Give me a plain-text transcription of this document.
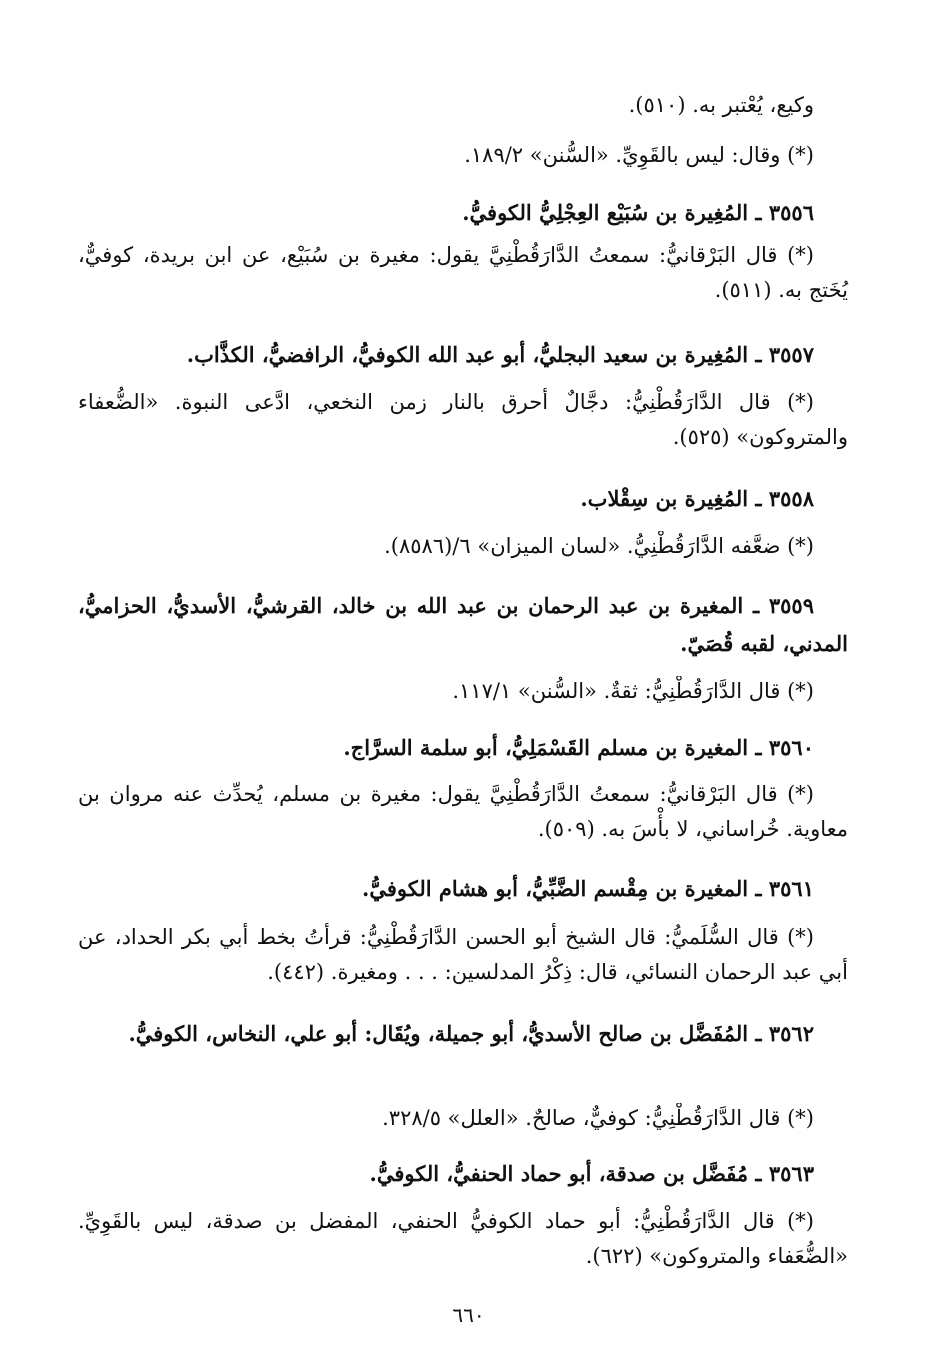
وكيع، يُعْتبر به. (٥١٠).
(*) وقال: ليس بالقَوِيِّ. «السُّنن» ١٨٩/٢.
٣٥٥٦ ـ المُغِيرة بن سُبَيْع العِجْلِيُّ الكوفيُّ.
(*) قال البَرْقانيُّ: سمعتُ الدَّارَقُطْنِيَّ يقول: مغيرة بن سُبَيْع، عن ابن بريدة، كوفيٌّ، يُخَتج به. (٥١١).
٣٥٥٧ ـ المُغِيرة بن سعيد البجليُّ، أبو عبد الله الكوفيُّ، الرافضيُّ، الكذَّاب.
(*) قال الدَّارَقُطْنِيُّ: دجَّالٌ أحرق بالنار زمن النخعي، ادَّعى النبوة. «الضُّعفاء والمتروكون» (٥٢٥).
٣٥٥٨ ـ المُغِيرة بن سِقْلاب.
(*) ضعَّفه الدَّارَقُطْنِيُّ. «لسان الميزان» ٦/(٨٥٨٦).
٣٥٥٩ ـ المغيرة بن عبد الرحمان بن عبد الله بن خالد، القرشيُّ، الأسديُّ، الحزاميُّ، المدني، لقبه قُصَيّ.
(*) قال الدَّارَقُطْنِيُّ: ثقةٌ. «السُّنن» ١١٧/١.
٣٥٦٠ ـ المغيرة بن مسلم القَسْمَلِيُّ، أبو سلمة السرَّاج.
(*) قال البَرْقانيُّ: سمعتُ الدَّارَقُطْنِيَّ يقول: مغيرة بن مسلم، يُحدِّث عنه مروان بن معاوية. خُراساني، لا بأْسَ به. (٥٠٩).
٣٥٦١ ـ المغيرة بن مِقْسم الضَّبِّيُّ، أبو هشام الكوفيُّ.
(*) قال السُّلَميُّ: قال الشيخ أبو الحسن الدَّارَقُطْنِيُّ: قرأتُ بخط أبي بكر الحداد، عن أبي عبد الرحمان النسائي، قال: ذِكْرُ المدلسين: . . . ومغيرة. (٤٤٢).
٣٥٦٢ ـ المُفَضَّل بن صالح الأسديُّ، أبو جميلة، ويُقَال: أبو علي، النخاس، الكوفيُّ.
(*) قال الدَّارَقُطْنِيُّ: كوفيٌّ، صالحٌ. «العلل» ٣٢٨/٥.
٣٥٦٣ ـ مُفَضَّل بن صدقة، أبو حماد الحنفيُّ، الكوفيُّ.
(*) قال الدَّارَقُطْنِيُّ: أبو حماد الكوفيُّ الحنفي، المفضل بن صدقة، ليس بالقَوِيِّ. «الضُّعَفاء والمتروكون» (٦٢٢).
٦٦٠
